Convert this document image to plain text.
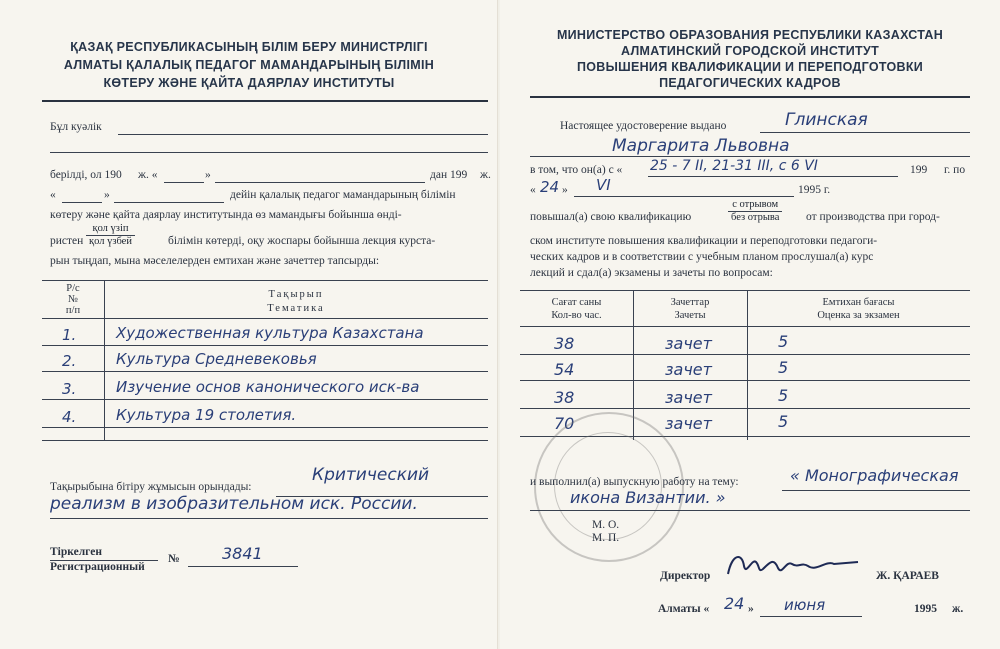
ҚАЗАҚ РЕСПУБЛИКАСЫНЫҢ БІЛІМ БЕРУ МИНИСТРЛІГІ
АЛМАТЫ ҚАЛАЛЫҚ ПЕДАГОГ МАМАНДАРЫНЫҢ БІЛІМІН
КӨТЕРУ ЖӘНЕ ҚАЙТА ДАЯРЛАУ ИНСТИТУТЫ
Бұл куәлік
берілді, ол 190 ж. «	»	дан 199 ж.
«	»	дейін қалалық педагог мамандарының білімін
көтеру және қайта даярлау институтында өз мамандығы бойынша өнді-
ристен
қол үзіп
қол үзбей	білімін көтерді, оқу жоспары бойынша лекция курста-
рын тыңдап, мына мәселелерден емтихан және зачеттер тапсырды:
Р/с
№
п/п
Тақырып
Тематика
1.	Художественная культура Казахстана
2.	Культура Средневековья
3.	Изучение основ канонического иск-ва
4.	Культура 19 столетия.
Тақырыбына бітіру жұмысын орындады:
Критический
реализм в изобразительном иск. России.
Тіркелген
Регистрационный
№	3841
МИНИСТЕРСТВО ОБРАЗОВАНИЯ РЕСПУБЛИКИ КАЗАХСТАН
АЛМАТИНСКИЙ ГОРОДСКОЙ ИНСТИТУТ
ПОВЫШЕНИЯ КВАЛИФИКАЦИИ И ПЕРЕПОДГОТОВКИ
ПЕДАГОГИЧЕСКИХ КАДРОВ
Настоящее удостоверение выдано	Глинская
Маргарита Львовна
в том, что он(а) с « 25 - 7 II, 21-31 III, с 6 VI	199 г. по
« 24 » VI	1995 г.
повышал(а) свою квалификацию
с отрывом
без отрыва от производства при город-
ском институте повышения квалификации и переподготовки педагоги-
ческих кадров и в соответствии с учебным планом прослушал(а) курс
лекций и сдал(а) экзамены и зачеты по вопросам:
Сағат саны
Кол-во час.
Зачеттар
Зачеты
Емтихан бағасы
Оценка за экзамен
38	зачет	5
54	зачет	5
38	зачет	5
70	зачет	5
и выполнил(а) выпускную работу на тему:	« Монографическая
икона Византии. »
М. О.
М. П.
Директор	Ж. ҚАРАЕВ
Алматы « 24 » июня	1995 ж.
